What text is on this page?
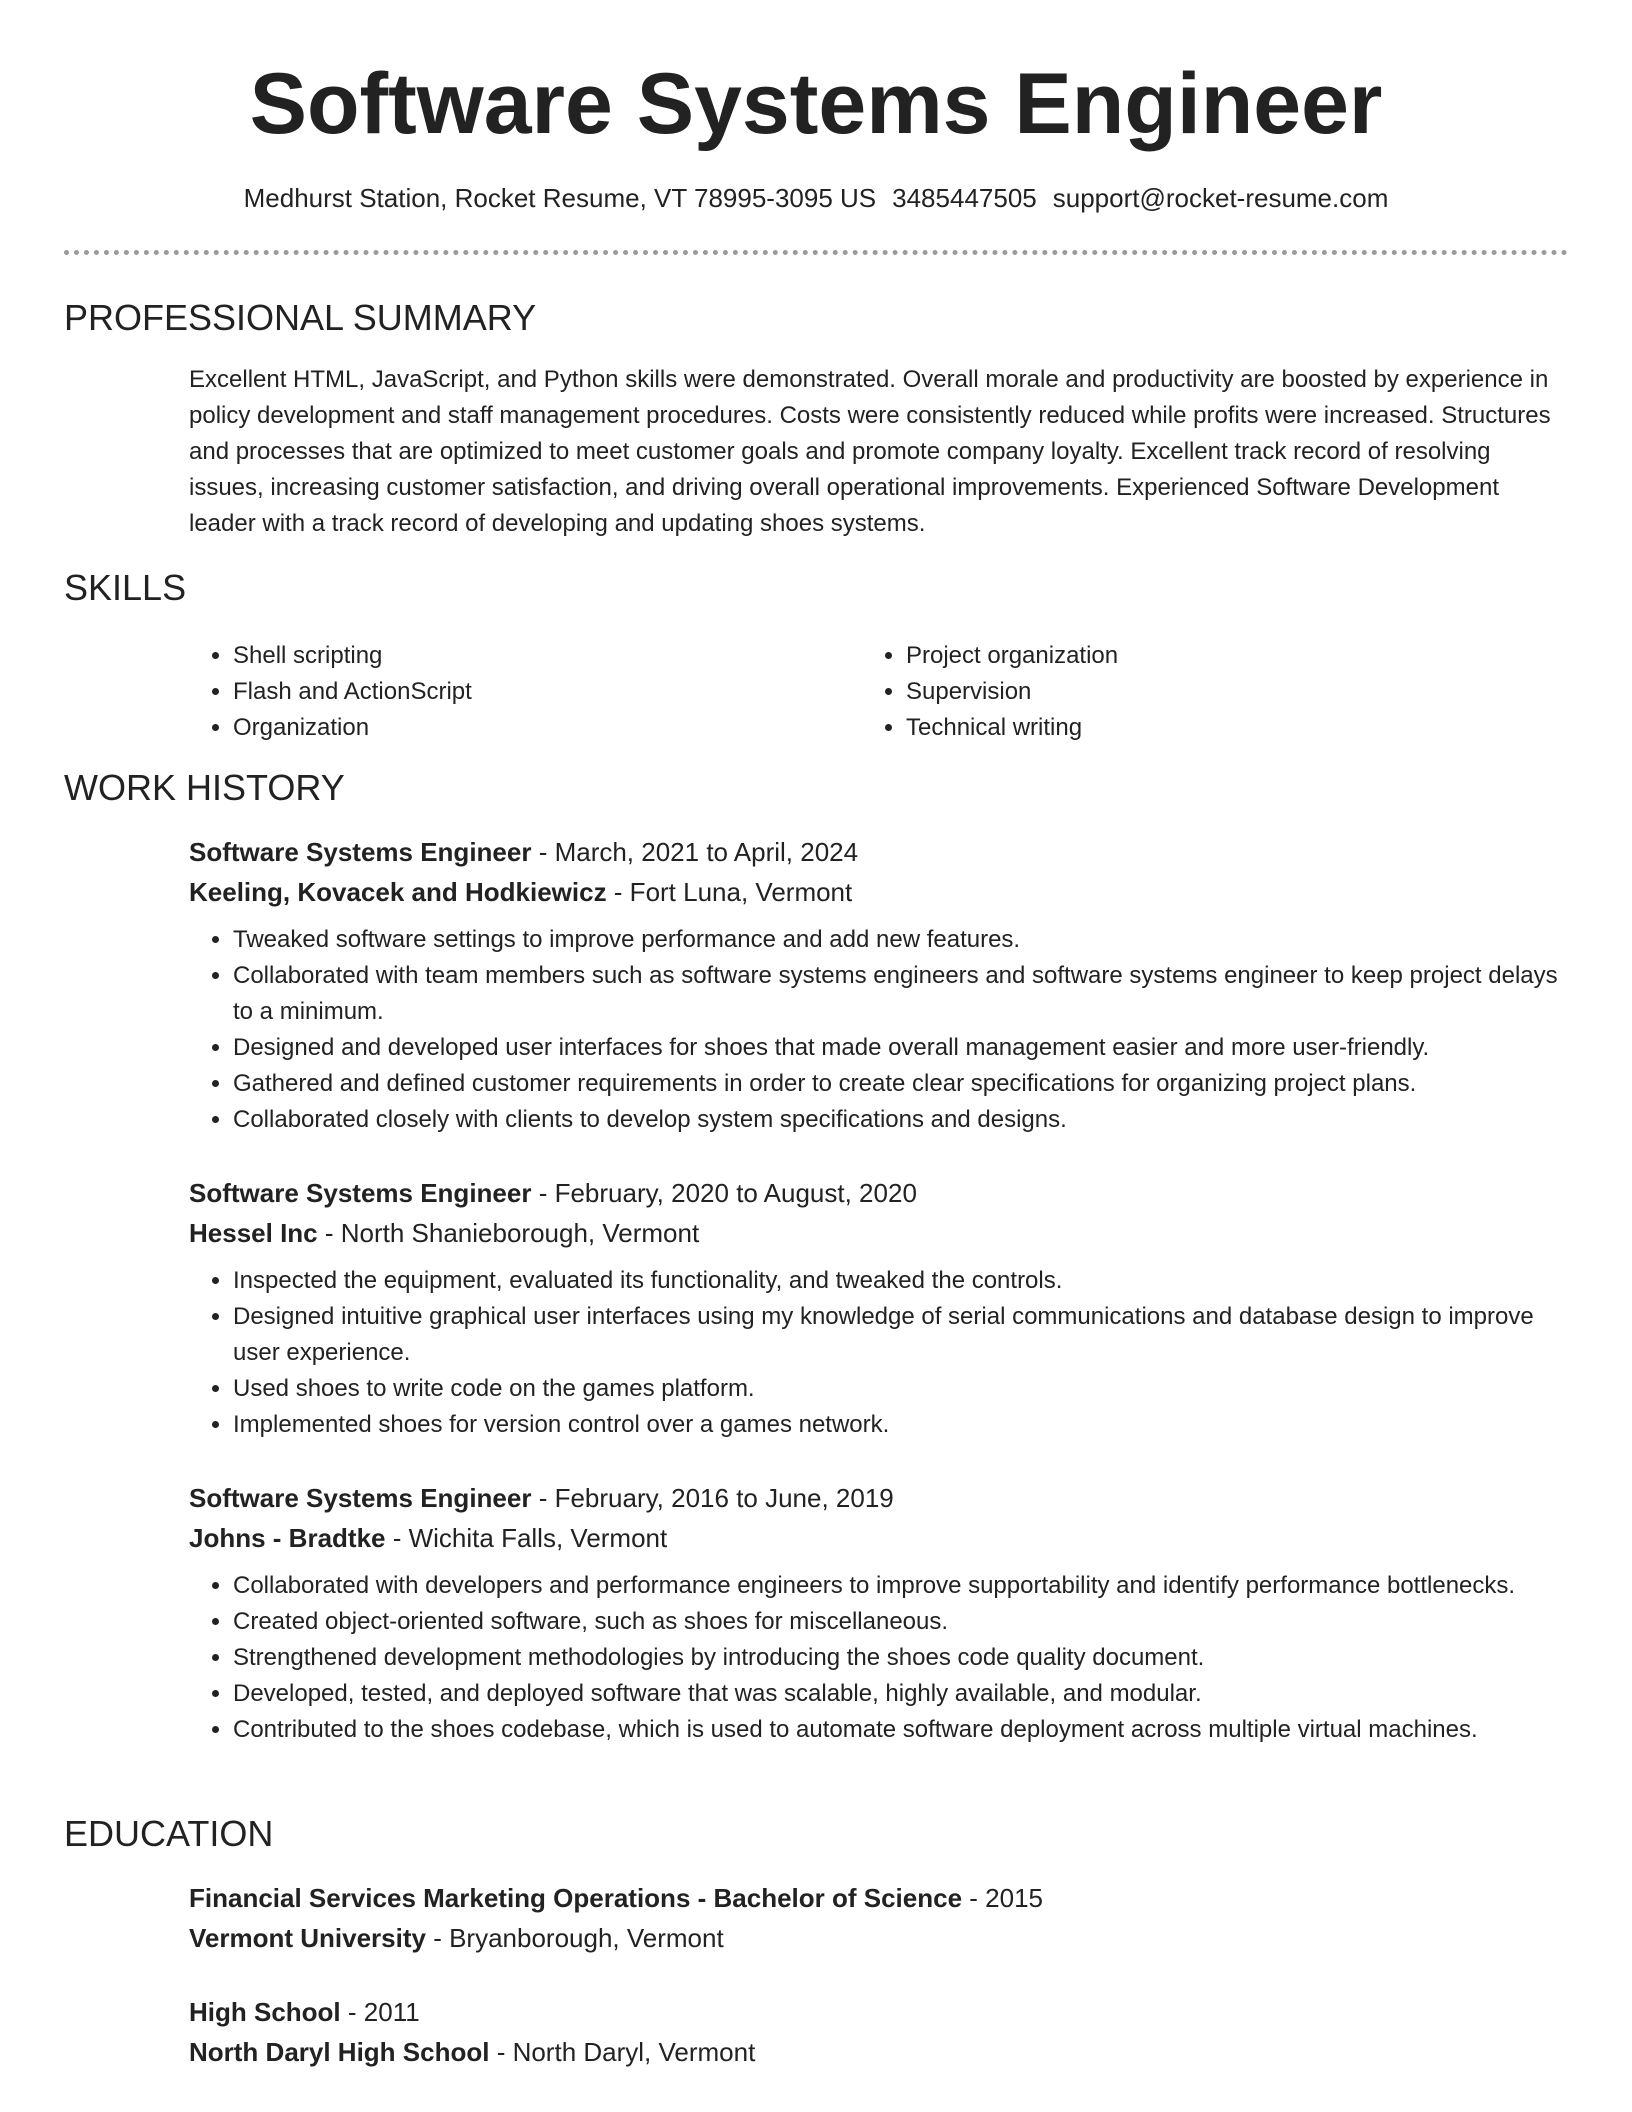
Software Systems Engineer
Medhurst Station, Rocket Resume, VT 78995-3095 US 3485447505 support@rocket-resume.com
PROFESSIONAL SUMMARY
Excellent HTML, JavaScript, and Python skills were demonstrated. Overall morale and productivity are boosted by experience in policy development and staff management procedures. Costs were consistently reduced while profits were increased. Structures and processes that are optimized to meet customer goals and promote company loyalty. Excellent track record of resolving issues, increasing customer satisfaction, and driving overall operational improvements. Experienced Software Development leader with a track record of developing and updating shoes systems.
SKILLS
• Shell scripting
• Flash and ActionScript
• Organization
• Project organization
• Supervision
• Technical writing
WORK HISTORY
Software Systems Engineer - March, 2021 to April, 2024
Keeling, Kovacek and Hodkiewicz - Fort Luna, Vermont
• Tweaked software settings to improve performance and add new features.
• Collaborated with team members such as software systems engineers and software systems engineer to keep project delays to a minimum.
• Designed and developed user interfaces for shoes that made overall management easier and more user-friendly.
• Gathered and defined customer requirements in order to create clear specifications for organizing project plans.
• Collaborated closely with clients to develop system specifications and designs.
Software Systems Engineer - February, 2020 to August, 2020
Hessel Inc - North Shanieborough, Vermont
• Inspected the equipment, evaluated its functionality, and tweaked the controls.
• Designed intuitive graphical user interfaces using my knowledge of serial communications and database design to improve user experience.
• Used shoes to write code on the games platform.
• Implemented shoes for version control over a games network.
Software Systems Engineer - February, 2016 to June, 2019
Johns - Bradtke - Wichita Falls, Vermont
• Collaborated with developers and performance engineers to improve supportability and identify performance bottlenecks.
• Created object-oriented software, such as shoes for miscellaneous.
• Strengthened development methodologies by introducing the shoes code quality document.
• Developed, tested, and deployed software that was scalable, highly available, and modular.
• Contributed to the shoes codebase, which is used to automate software deployment across multiple virtual machines.
EDUCATION
Financial Services Marketing Operations - Bachelor of Science - 2015
Vermont University - Bryanborough, Vermont
High School - 2011
North Daryl High School - North Daryl, Vermont
